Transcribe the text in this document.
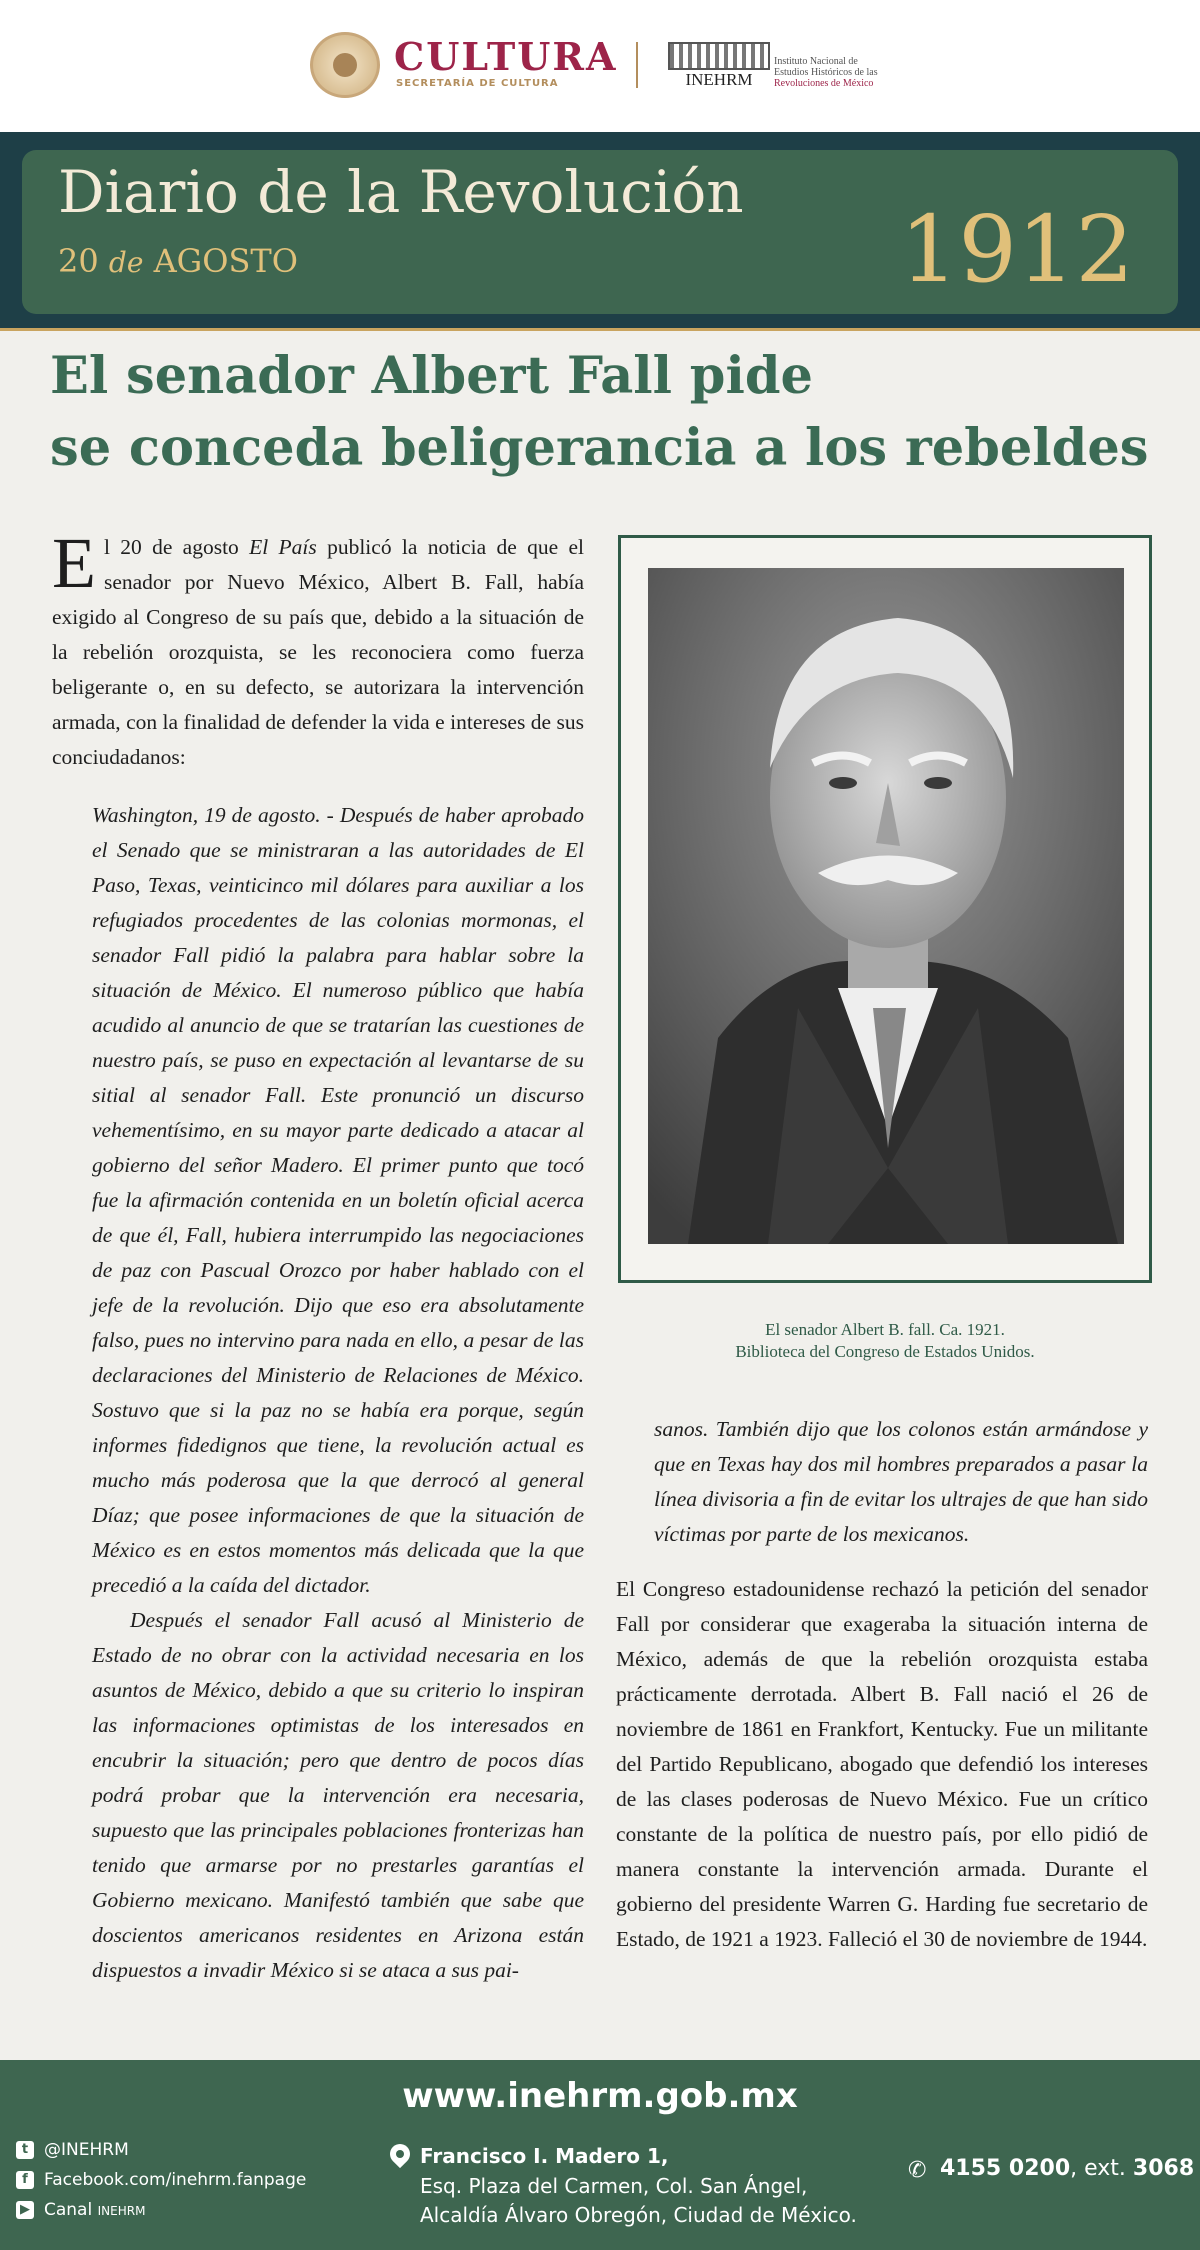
CULTURA
SECRETARÍA DE CULTURA	INEHRM
Instituto Nacional de
Estudios Históricos de las
Revoluciones de México
Diario de la Revolución
20 de AGOSTO	1912
El senador Albert Fall pide
se conceda beligerancia a los rebeldes
El 20 de agosto El País publicó la noticia de que el senador por Nuevo México, Albert B. Fall, había exigido al Congreso de su país que, debido a la situación de la rebelión orozquista, se les reconociera como fuerza beligerante o, en su defecto, se autorizara la intervención armada, con la finalidad de defender la vida e intereses de sus conciudadanos:

Washington, 19 de agosto. - Después de haber aprobado el Senado que se ministraran a las autoridades de El Paso, Texas, veinticinco mil dólares para auxiliar a los refugiados procedentes de las colonias mormonas, el senador Fall pidió la palabra para hablar sobre la situación de México. El numeroso público que había acudido al anuncio de que se tratarían las cuestiones de nuestro país, se puso en expectación al levantarse de su sitial al senador Fall. Este pronunció un discurso vehementísimo, en su mayor parte dedicado a atacar al gobierno del señor Madero. El primer punto que tocó fue la afirmación contenida en un boletín oficial acerca de que él, Fall, hubiera interrumpido las negociaciones de paz con Pascual Orozco por haber hablado con el jefe de la revolución. Dijo que eso era absolutamente falso, pues no intervino para nada en ello, a pesar de las declaraciones del Ministerio de Relaciones de México. Sostuvo que si la paz no se había era porque, según informes fidedignos que tiene, la revolución actual es mucho más poderosa que la que derrocó al general Díaz; que posee informaciones de que la situación de México es en estos momentos más delicada que la que precedió a la caída del dictador.

Después el senador Fall acusó al Ministerio de Estado de no obrar con la actividad necesaria en los asuntos de México, debido a que su criterio lo inspiran las informaciones optimistas de los interesados en encubrir la situación; pero que dentro de pocos días podrá probar que la intervención era necesaria, supuesto que las principales poblaciones fronterizas han tenido que armarse por no prestarles garantías el Gobierno mexicano. Manifestó también que sabe que doscientos americanos residentes en Arizona están dispuestos a invadir México si se ataca a sus pai-

El senador Albert B. fall. Ca. 1921.
Biblioteca del Congreso de Estados Unidos.
sanos. También dijo que los colonos están armándose y que en Texas hay dos mil hombres preparados a pasar la línea divisoria a fin de evitar los ultrajes de que han sido víctimas por parte de los mexicanos.
El Congreso estadounidense rechazó la petición del senador Fall por considerar que exageraba la situación interna de México, además de que la rebelión orozquista estaba prácticamente derrotada. Albert B. Fall nació el 26 de noviembre de 1861 en Frankfort, Kentucky. Fue un militante del Partido Republicano, abogado que defendió los intereses de las clases poderosas de Nuevo México. Fue un crítico constante de la política de nuestro país, por ello pidió de manera constante la intervención armada. Durante el gobierno del presidente Warren G. Harding fue secretario de Estado, de 1921 a 1923. Falleció el 30 de noviembre de 1944.
www.inehrm.gob.mx
t @INEHRM
f Facebook.com/inehrm.fanpage
▶ Canal INEHRM
Francisco I. Madero 1,
Esq. Plaza del Carmen, Col. San Ángel,
Alcaldía Álvaro Obregón, Ciudad de México.
✆ 4155 0200, ext. 3068
